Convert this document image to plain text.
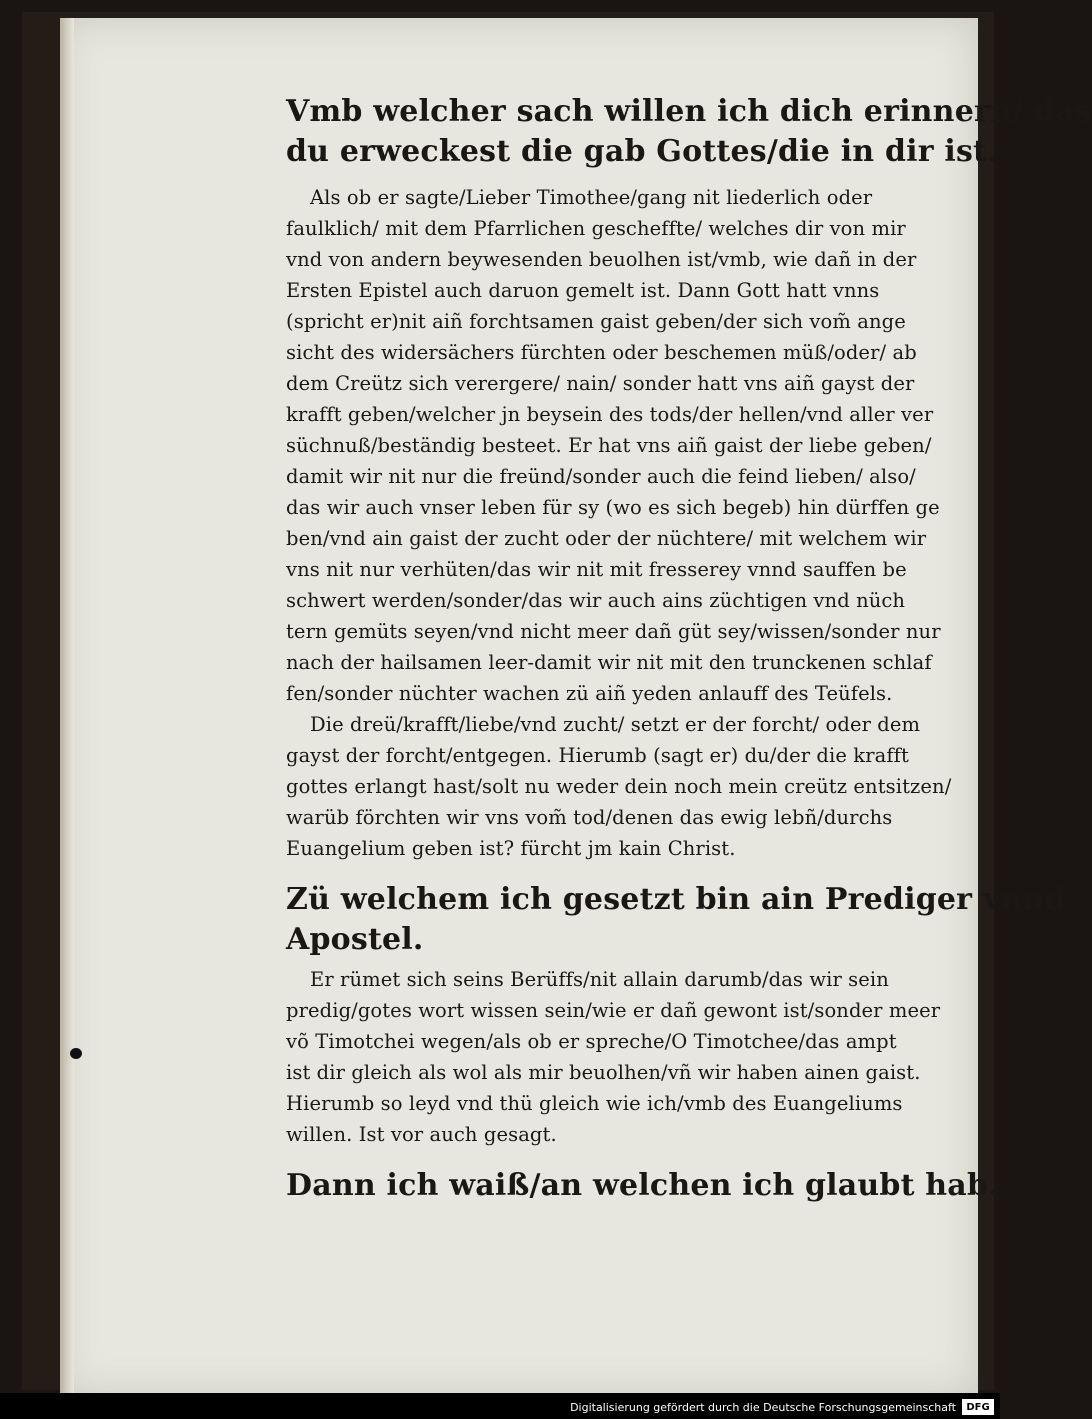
Vmb welcher sach willen ich dich erinnern/ das

du erweckest die gab Gottes/die in dir ist.

Als ob er sagte/Lieber Timothee/gang nit liederlich oder

faulklich/ mit dem Pfarrlichen gescheffte/ welches dir von mir

vnd von andern beywesenden beuolhen ist/vmb, wie dañ in der

Ersten Epistel auch daruon gemelt ist. Dann Gott hatt vnns

(spricht er)nit aiñ forchtsamen gaist geben/der sich vom̃ ange

sicht des widersächers fürchten oder beschemen müß/oder/ ab

dem Creütz sich verergere/ nain/ sonder hatt vns aiñ gayst der

krafft geben/welcher jn beysein des tods/der hellen/vnd aller ver

süchnuß/beständig besteet. Er hat vns aiñ gaist der liebe geben/

damit wir nit nur die freünd/sonder auch die feind lieben/ also/

das wir auch vnser leben für sy (wo es sich begeb) hin dürffen ge

ben/vnd ain gaist der zucht oder der nüchtere/ mit welchem wir

vns nit nur verhüten/das wir nit mit fresserey vnnd sauffen be

schwert werden/sonder/das wir auch ains züchtigen vnd nüch

tern gemüts seyen/vnd nicht meer dañ güt sey/wissen/sonder nur

nach der hailsamen leer-damit wir nit mit den trunckenen schlaf

fen/sonder nüchter wachen zü aiñ yeden anlauff des Teüfels.

Die dreü/krafft/liebe/vnd zucht/ setzt er der forcht/ oder dem

gayst der forcht/entgegen. Hierumb (sagt er) du/der die krafft

gottes erlangt hast/solt nu weder dein noch mein creütz entsitzen/

warüb förchten wir vns vom̃ tod/denen das ewig lebñ/durchs

Euangelium geben ist? fürcht jm kain Christ.

Zü welchem ich gesetzt bin ain Prediger vnnd

Apostel.

Er rümet sich seins Berüffs/nit allain darumb/das wir sein

predig/gotes wort wissen sein/wie er dañ gewont ist/sonder meer

võ Timotchei wegen/als ob er spreche/O Timotchee/das ampt

ist dir gleich als wol als mir beuolhen/vñ wir haben ainen gaist.

Hierumb so leyd vnd thü gleich wie ich/vmb des Euangeliums

willen. Ist vor auch gesagt.

Dann ich waiß/an welchen ich glaubt hab.

Digitalisierung gefördert durch die Deutsche Forschungsgemeinschaft	DFG
